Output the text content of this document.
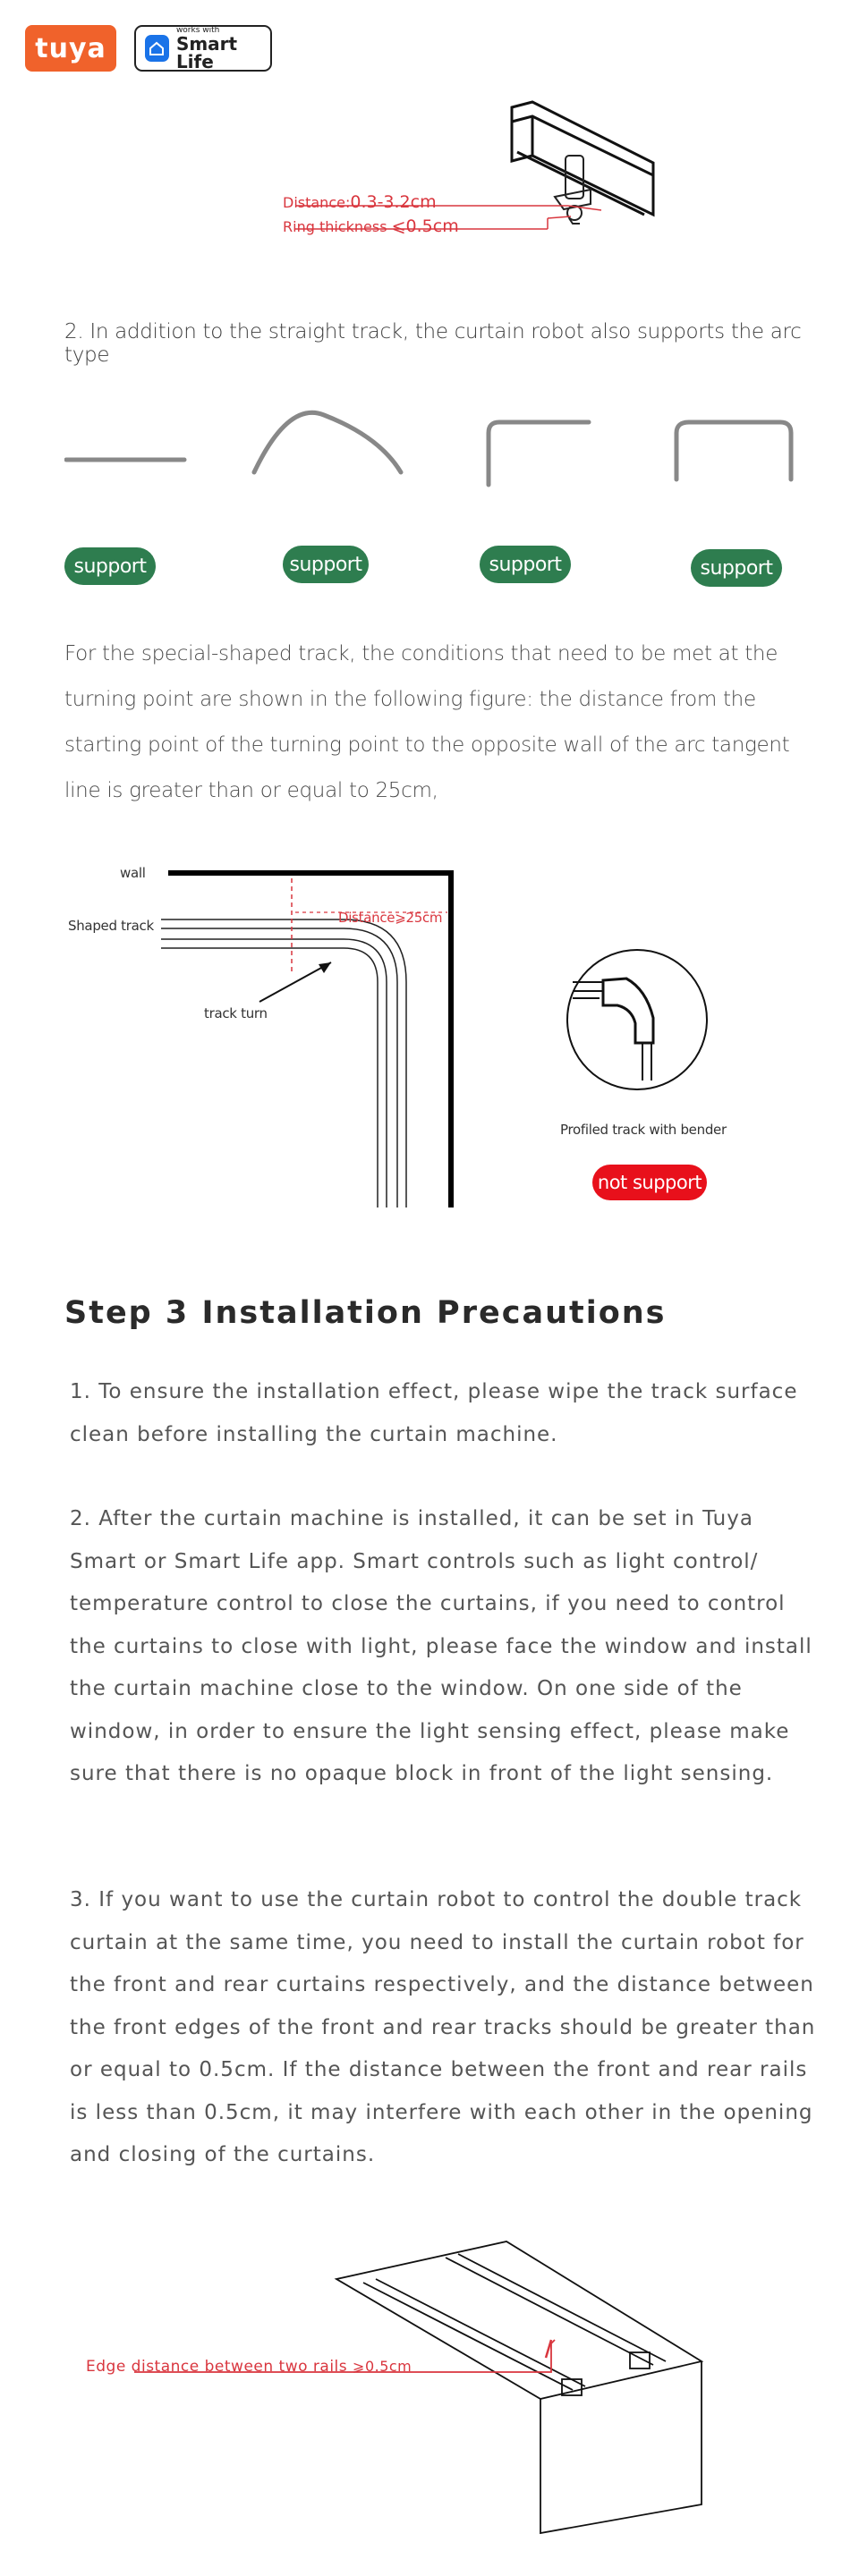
tuya
works with
Smart Life
Distance:0.3-3.2cm
Ring thickness ⩽0.5cm
2. In addition to the straight track, the curtain robot also supports the arc type
support	support	support	support
For the special-shaped track, the conditions that need to be met at the turning point are shown in the following figure: the distance from the starting point of the turning point to the opposite wall of the arc tangent line is greater than or equal to 25cm,
wall
Shaped track	Distance⩾25cm
track turn
Profiled track with bender
not support
Step 3 Installation Precautions
1. To ensure the installation effect, please wipe the track surface clean before installing the curtain machine.
2. After the curtain machine is installed, it can be set in Tuya Smart or Smart Life app. Smart controls such as light control/ temperature control to close the curtains, if you need to control the curtains to close with light, please face the window and install the curtain machine close to the window. On one side of the window, in order to ensure the light sensing effect, please make sure that there is no opaque block in front of the light sensing.
3. If you want to use the curtain robot to control the double track curtain at the same time, you need to install the curtain robot for the front and rear curtains respectively, and the distance between the front edges of the front and rear tracks should be greater than or equal to 0.5cm. If the distance between the front and rear rails is less than 0.5cm, it may interfere with each other in the opening and closing of the curtains.
Edge distance between two rails ⩾0.5cm
